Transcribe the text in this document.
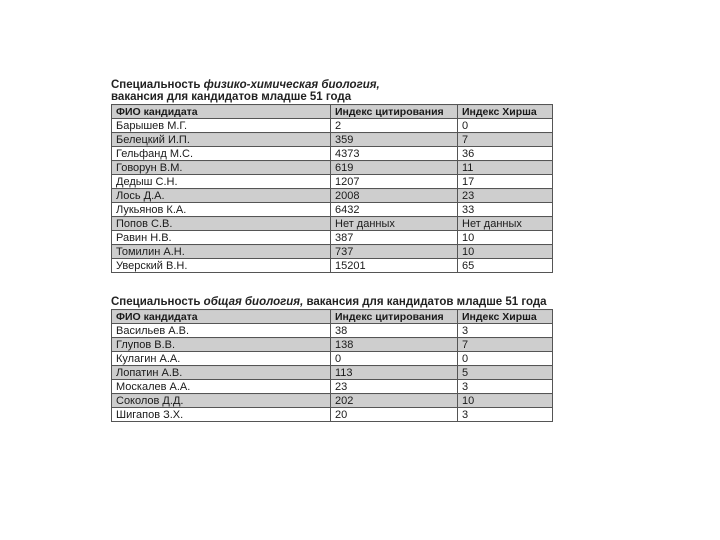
Специальность физико-химическая биология,
вакансия для кандидатов младше 51 года
ФИО кандидата	Индекс цитирования	Индекс Хирша
Барышев М.Г.	2	0
Белецкий И.П.	359	7
Гельфанд М.С.	4373	36
Говорун В.М.	619	11
Дедыш С.Н.	1207	17
Лось Д.А.	2008	23
Лукьянов К.А.	6432	33
Попов С.В.	Нет данных	Нет данных
Равин Н.В.	387	10
Томилин А.Н.	737	10
Уверский В.Н.	15201	65
Специальность общая биология, вакансия для кандидатов младше 51 года
ФИО кандидата	Индекс цитирования	Индекс Хирша
Васильев А.В.	38	3
Глупов В.В.	138	7
Кулагин А.А.	0	0
Лопатин А.В.	113	5
Москалев А.А.	23	3
Соколов Д.Д.	202	10
Шигапов З.Х.	20	3
